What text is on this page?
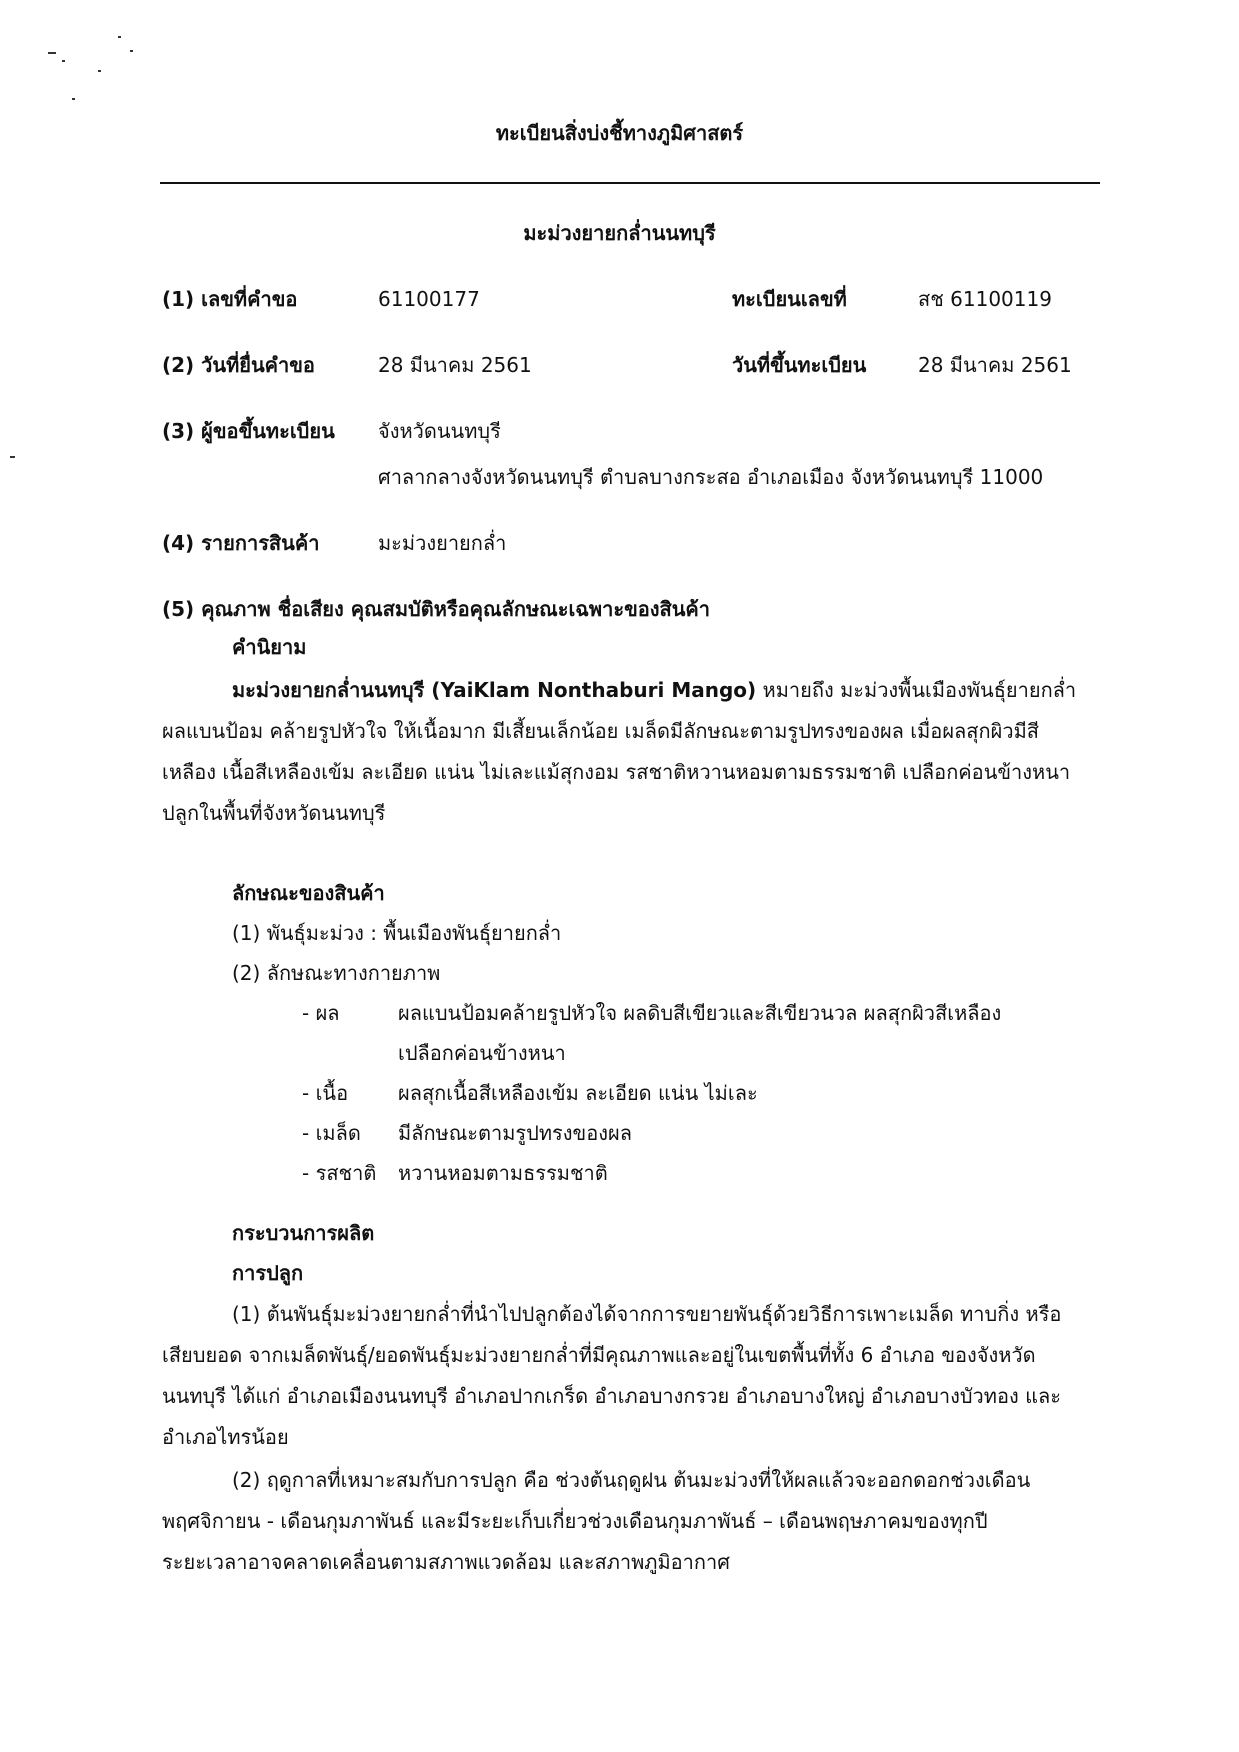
ทะเบียนสิ่งบ่งชี้ทางภูมิศาสตร์
มะม่วงยายกล่ำนนทบุรี
(1) เลขที่คำขอ	61100177	ทะเบียนเลขที่	สช 61100119
(2) วันที่ยื่นคำขอ	28 มีนาคม 2561	วันที่ขึ้นทะเบียน	28 มีนาคม 2561
(3) ผู้ขอขึ้นทะเบียน จังหวัดนนทบุรี
ศาลากลางจังหวัดนนทบุรี ตำบลบางกระสอ อำเภอเมือง จังหวัดนนทบุรี 11000
(4) รายการสินค้า	มะม่วงยายกล่ำ
(5) คุณภาพ ชื่อเสียง คุณสมบัติหรือคุณลักษณะเฉพาะของสินค้า
คำนิยาม
มะม่วงยายกล่ำนนทบุรี (YaiKlam Nonthaburi Mango) หมายถึง มะม่วงพื้นเมืองพันธุ์ยายกล่ำ
ผลแบนป้อม คล้ายรูปหัวใจ ให้เนื้อมาก มีเสี้ยนเล็กน้อย เมล็ดมีลักษณะตามรูปทรงของผล เมื่อผลสุกผิวมีสี
เหลือง เนื้อสีเหลืองเข้ม ละเอียด แน่น ไม่เละแม้สุกงอม รสชาติหวานหอมตามธรรมชาติ เปลือกค่อนข้างหนา
ปลูกในพื้นที่จังหวัดนนทบุรี
ลักษณะของสินค้า
(1) พันธุ์มะม่วง : พื้นเมืองพันธุ์ยายกล่ำ
(2) ลักษณะทางกายภาพ
- ผล	ผลแบนป้อมคล้ายรูปหัวใจ ผลดิบสีเขียวและสีเขียวนวล ผลสุกผิวสีเหลือง
เปลือกค่อนข้างหนา
- เนื้อ ผลสุกเนื้อสีเหลืองเข้ม ละเอียด แน่น ไม่เละ
- เมล็ด มีลักษณะตามรูปทรงของผล
- รสชาติ หวานหอมตามธรรมชาติ
กระบวนการผลิต
การปลูก
(1) ต้นพันธุ์มะม่วงยายกล่ำที่นำไปปลูกต้องได้จากการขยายพันธุ์ด้วยวิธีการเพาะเมล็ด ทาบกิ่ง หรือ
เสียบยอด จากเมล็ดพันธุ์/ยอดพันธุ์มะม่วงยายกล่ำที่มีคุณภาพและอยู่ในเขตพื้นที่ทั้ง 6 อำเภอ ของจังหวัด
นนทบุรี ได้แก่ อำเภอเมืองนนทบุรี อำเภอปากเกร็ด อำเภอบางกรวย อำเภอบางใหญ่ อำเภอบางบัวทอง และ
อำเภอไทรน้อย
(2) ฤดูกาลที่เหมาะสมกับการปลูก คือ ช่วงต้นฤดูฝน ต้นมะม่วงที่ให้ผลแล้วจะออกดอกช่วงเดือน
พฤศจิกายน - เดือนกุมภาพันธ์ และมีระยะเก็บเกี่ยวช่วงเดือนกุมภาพันธ์ – เดือนพฤษภาคมของทุกปี
ระยะเวลาอาจคลาดเคลื่อนตามสภาพแวดล้อม และสภาพภูมิอากาศ
